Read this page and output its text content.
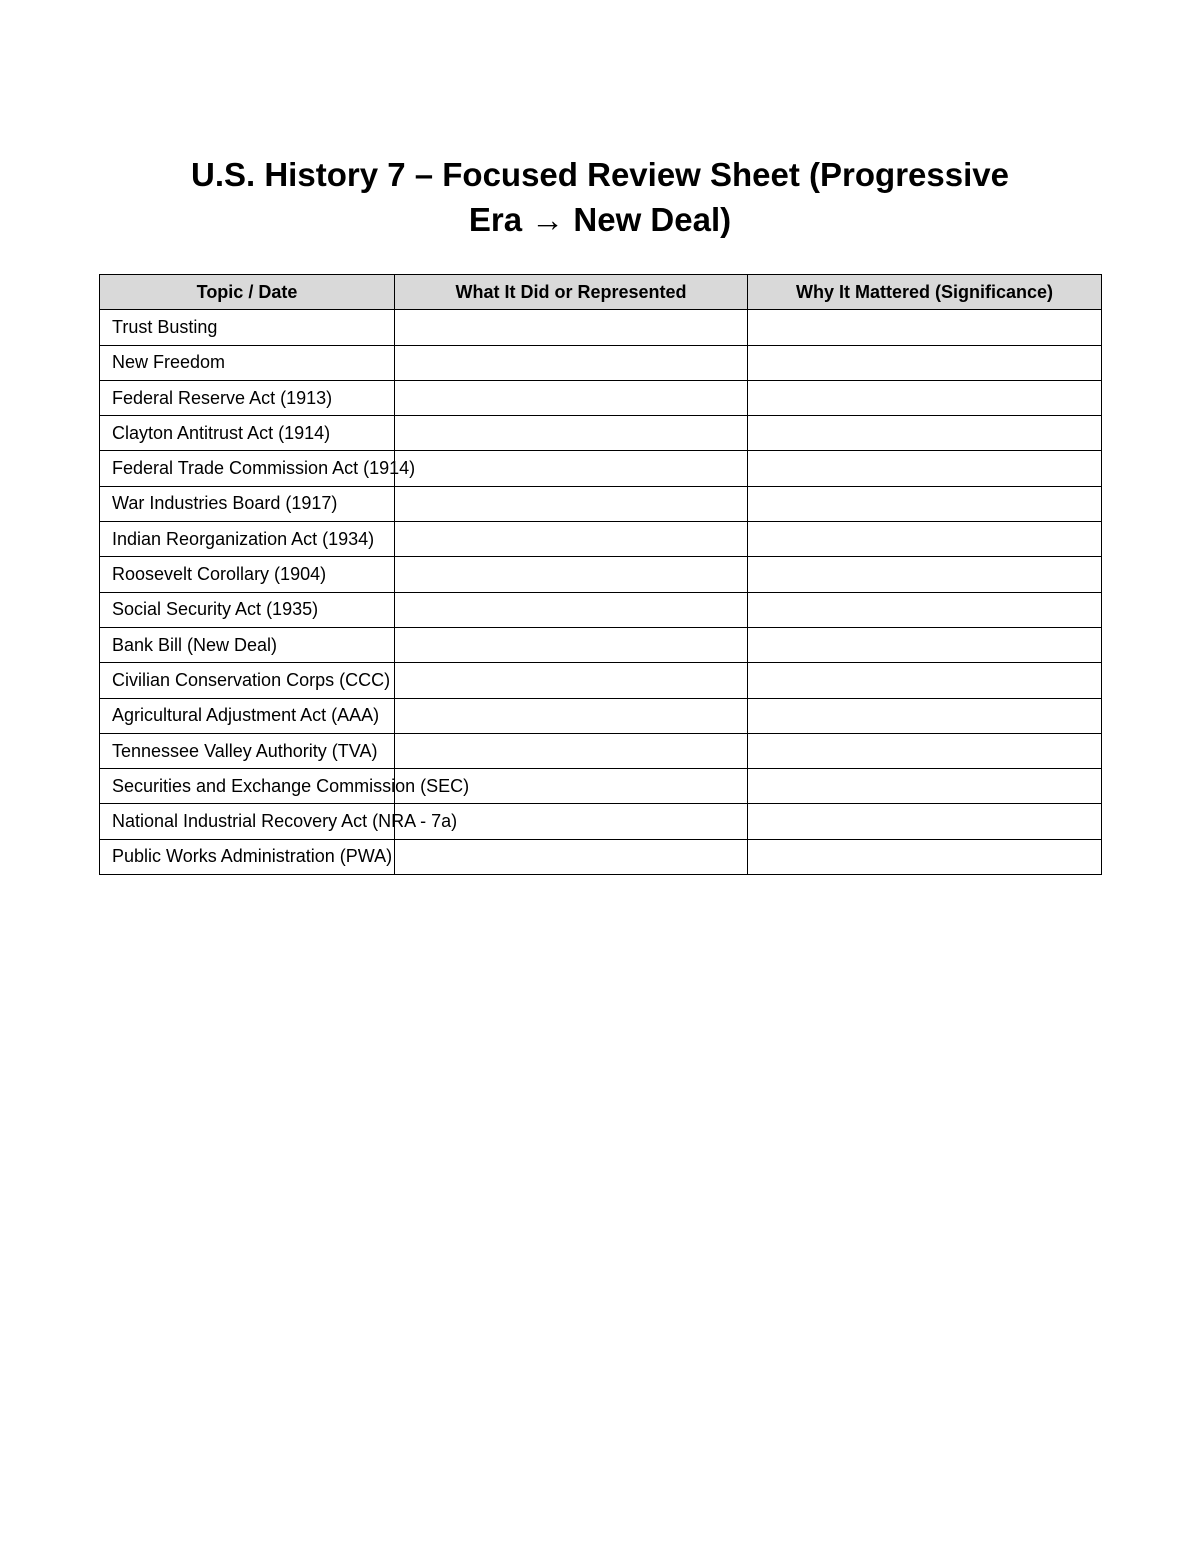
U.S. History 7 – Focused Review Sheet (Progressive
Era → New Deal)
Topic / Date	What It Did or Represented	Why It Mattered (Significance)
Trust Busting		
New Freedom		
Federal Reserve Act (1913)		
Clayton Antitrust Act (1914)		
Federal Trade Commission Act (1914)		
War Industries Board (1917)		
Indian Reorganization Act (1934)		
Roosevelt Corollary (1904)		
Social Security Act (1935)		
Bank Bill (New Deal)		
Civilian Conservation Corps (CCC)		
Agricultural Adjustment Act (AAA)		
Tennessee Valley Authority (TVA)		
Securities and Exchange Commission (SEC)		
National Industrial Recovery Act (NRA - 7a)		
Public Works Administration (PWA)		
